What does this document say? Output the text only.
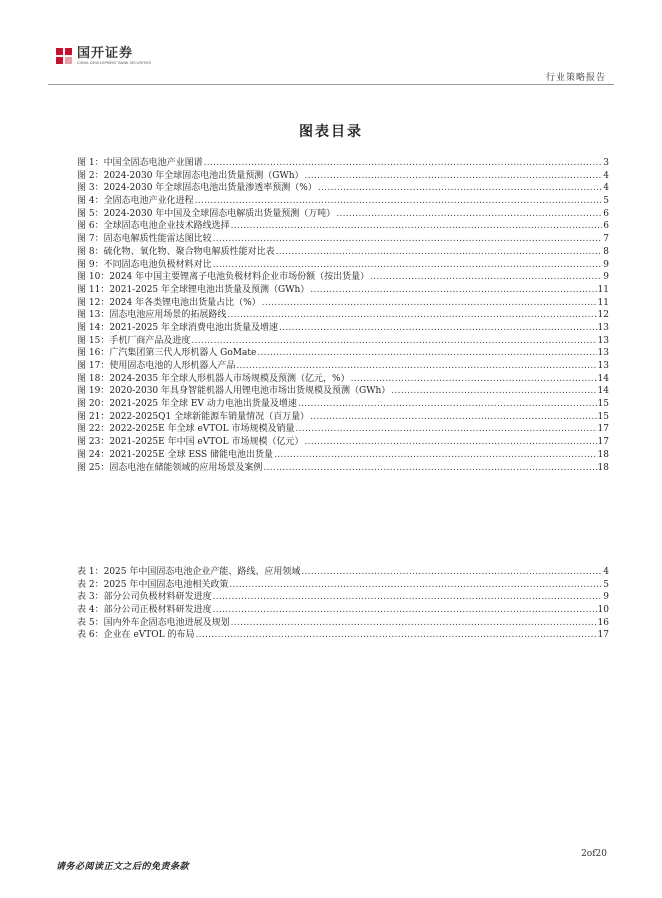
国开证券
CHINA DEVELOPMENT BANK SECURITIES
行业策略报告
图表目录
图 1：中国全固态电池产业图谱 .....	3
图 2：2024-2030 年全球固态电池出货量预测（GWh） .....	4
图 3：2024-2030 年全球固态电池出货量渗透率预测（%） .....	4
图 4：全固态电池产业化进程 .....	5
图 5：2024-2030 年中国及全球固态电解质出货量预测（万吨） .....	6
图 6：全球固态电池企业技术路线选择 .....	6
图 7：固态电解质性能雷达图比较 .....	7
图 8：硫化物、氧化物、聚合物电解质性能对比表 .....	8
图 9：不同固态电池负极材料对比 .....	9
图 10：2024 年中国主要锂离子电池负极材料企业市场份额（按出货量） .....	9
图 11：2021-2025 年全球锂电池出货量及预测（GWh） .....	11
图 12：2024 年各类锂电池出货量占比（%） .....	11
图 13：固态电池应用场景的拓展路线 .....	12
图 14：2021-2025 年全球消费电池出货量及增速 .....	13
图 15：手机厂商产品及进度 .....	13
图 16：广汽集团第三代人形机器人 GoMate .....	13
图 17：使用固态电池的人形机器人产品 .....	13
图 18：2024-2035 年全球人形机器人市场规模及预测（亿元，%） .....	14
图 19：2020-2030 年具身智能机器人用锂电池市场出货规模及预测（GWh） .....	14
图 20：2021-2025 年全球 EV 动力电池出货量及增速 .....	15
图 21：2022-2025Q1 全球新能源车销量情况（百万量） .....	15
图 22：2022-2025E 年全球 eVTOL 市场规模及销量 .....	17
图 23：2021-2025E 年中国 eVTOL 市场规模（亿元） .....	17
图 24：2021-2025E 全球 ESS 储能电池出货量 .....	18
图 25：固态电池在储能领域的应用场景及案例 .....	18
表 1：2025 年中国固态电池企业产能、路线、应用领域 .....	4
表 2：2025 年中国固态电池相关政策 .....	5
表 3：部分公司负极材料研发进度 .....	9
表 4：部分公司正极材料研发进度 .....	10
表 5：国内外车企固态电池进展及规划 .....	16
表 6：企业在 eVTOL 的布局 .....	17
2of20
请务必阅读正文之后的免责条款
